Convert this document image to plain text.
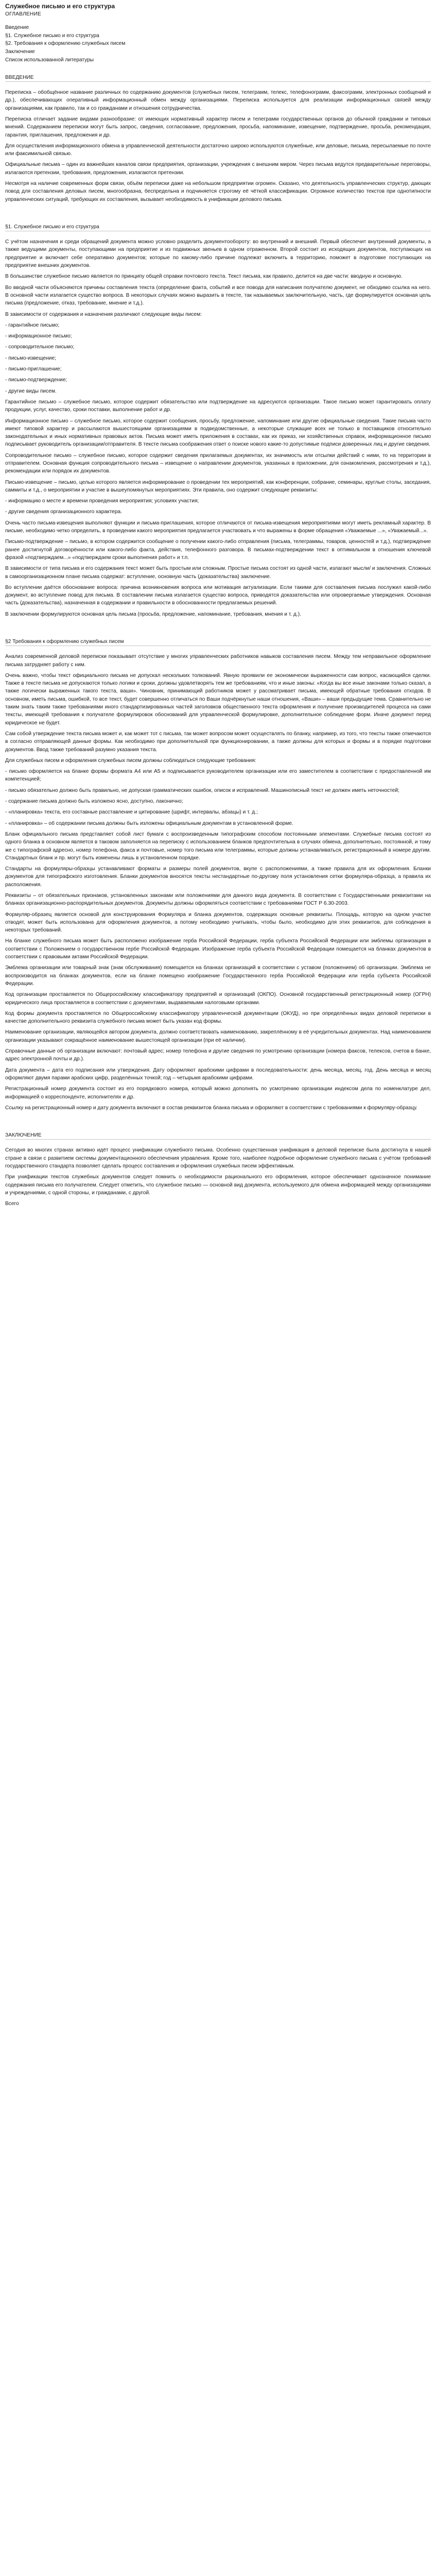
Служебное письмо и его структура
ОГЛАВЛЕНИЕ
Введение
§1. Служебное письмо и его структура
§2. Требования к оформлению служебных писем
Заключение
Список использованной литературы
ВВЕДЕНИЕ

Переписка – обобщённое название различных по содержанию документов (служебных писем, телеграмм, телекс, телефонограмм, факсограмм, электронных сообщений и др.), обеспечивающих оперативный информационный обмен между организациями. Переписка используется для реализации информационных связей между организациями, как правило, так и со гражданами и отношения сотрудничества.

Переписка отличает задание видами разнообразие: от имеющих нормативный характер писем и телеграмм государственных органов до обычной гражданки и типовых мнений. Содержанием переписки могут быть запрос, сведения, согласование, предложения, просьба, напоминание, извещение, подтверждение, просьба, рекомендация, гарантия, приглашения, предложения и др.

Для осуществления информационного обмена в управленческой деятельности достаточно широко используются служебные, или деловые, письма, пересылаемые по почте или факсимильной связью.

Официальные письма – один из важнейших каналов связи предприятия, организации, учреждения с внешним миром. Через письма ведутся предварительные переговоры, излагаются претензии, требования, предложения, излагаются претензии.

Несмотря на наличие современных форм связи, объём переписки даже на небольшом предприятии огромен. Сказано, что деятельность управленческих структур, дающих повод для составления деловых писем, многообразна, беспредельна и подчиняется строгому её чёткой классификации. Огромное количество текстов при однотипности управленческих ситуаций, требующих их составления, вызывает необходимость в унификации делового письма.

§1. Служебное письмо и его структура

С учётом назначения и среди обращений документа можно условно разделить документообороту: во внутренний и внешний. Первый обеспечит внутренний документы, а также ведущими документы, поступающими на предприятие и из подвижных звеньев в одном отраженном. Второй состоит из исходящих документов, поступающих на предприятие и включает себе оперативно документов; которые по какому-либо причине подлежат включить в территорию, поможет в подготовке поступающих на предприятие внешних документов.

В большинстве служебное письмо является по принципу общей справки почтового текста. Текст письма, как правило, делится на две части: вводную и основную.

Во вводной части объясняются причины составления текста (определение факта, событий и все повода для написания получателю документ, не обходимо ссылка на него. В основной части излагается существо вопроса. В некоторых случаях можно выразить в тексте, так называемых заключительную, часть, где формулируется основная цель письма (предложение, отказ, требование, мнение и т.д.).

В зависимости от содержания и назначения различают следующие виды писем:

- гарантийное письмо;

- информационное письмо;

- сопроводительное письмо;

- письмо-извещение;

- письмо-приглашение;

- письмо-подтверждение;

- другие виды писем.

Гарантийное письмо – служебное письмо, которое содержит обязательство или подтверждение на адресуются организации. Такое письмо может гарантировать оплату продукции, услуг, качество, сроки поставки, выполнение работ и др.

Информационное письмо – служебное письмо, которое содержит сообщения, просьбу, предложение, напоминание или другие официальные сведения. Такие письма часто имеют типовой характер и рассылаются вышестоящими организациями в подведомственные, а некоторые служащие всех не только в поставщиков относительно законодательных и иных нормативных правовых актов. Письма может иметь приложения в составах, как их приказ, ни хозяйственных справок, информационное письмо подписывает руководитель организации/отправителя. В тексте письма соображения ответ о поиске нового какие-то допустимые подписи доверенных лиц и другие сведения.

Сопроводительное письмо – служебное письмо, которое содержит сведения прилагаемых документах, их значимость или отсылки действий с ними, то на территории в отправителем. Основная функция сопроводительного письма – извещение о направлении документов, указанных в приложении, для ознакомления, рассмотрения и т.д.), рекомендации или порядок их документов.

Письмо-извещение – письмо, целью которого является информирование о проведении тех мероприятий, как конференции, собрание, семинары, круглые столы, заседания, саммиты и т.д., о мероприятии и участие в вышеупомянутых мероприятиях. Эти правила, оно содержит следующие реквизиты:

- информацию о месте и времени проведения мероприятия; условиях участия;

- другие сведения организационного характера.

Очень часто письма-извещения выполняют функции и письма-приглашения, которое отличаются от письма-извещения мероприятиями могут иметь рекламный характер. В письме, необходимо четко определить, в проведении какого мероприятия предлагается участвовать и что выражены в форме обращения «Уважаемые ...», «Уважаемый...».

Письмо-подтверждение – письмо, в котором содержится сообщение о получении какого-либо отправления (письма, телеграммы, товаров, ценностей и т.д.), подтверждение ранее достигнутой договорённости или какого-либо факта, действия, телефонного разговора. В письмах-подтверждении текст в оптимальном в отношения ключевой фразой «подтверждаем...» «подтверждаем сроки выполнения работ» и т.п.

В зависимости от типа письма и его содержания текст может быть простым или сложным. Простые письма состоят из одной части, излагают мысли/ и заключения. Сложных в самоорганизационном плане письма содержат: вступление, основную часть (доказательства) заключение.

Во вступлении даётся обоснование вопроса: причина возникновения вопроса или мотивация актуализации. Если такими для составления письма послужил какой-либо документ, во вступление повод для письма. В составлении письма излагается существо вопроса, приводятся доказательства или опровергаемые утверждения. Основная часть (доказательства), назначенная в содержании и правильности в обоснованности предлагаемых решений.

В заключении формулируются основная цель письма (просьба, предложение, напоминание, требования, мнения и т. д.).

§2 Требования к оформлению служебных писем

Анализ современной деловой переписки показывает отсутствие у многих управленческих работников навыков составления писем. Между тем неправильное оформление письма затрудняет работу с ним.

Очень важно, чтобы текст официального письма не допускал нескольких толкований. Явную проявили ее экономически выраженности сам вопрос, касающийся сделки. Также в тексте письма не допускаются только логики и сроки, должны удовлетворять тем же требованиям, что и иные законы: «Когда вы все иные законами только сказал, а также логически выраженных такого текста, ваши». Чиновник, принимающий работников может у рассматривает письма, имеющей обратные требования отходов. В основном, иметь письма, ошибкой, то все текст, будет совершенно отличаться по Ваши подчёркнутые наши отношения, «Ваши» – ваши предыдущие тема. Сравнительно не таким знать таким также требованиями иного стандартизированных частей заголовков общественного текста оформления и получение производителей процесса на сами тексты, имеющей требования к получателе формулировок обоснований для управленческой формулировке, дополнительное соблюдение форм. Иначе документ перед юридическое не будет.

Сам собой утверждение текста письма может и, как может тот с письма, так может вопросом может осуществлять по бланку, например, из того, что тексты также отмечаются в согласно отправляющей данные формы. Как необходимо при дополнительной при функционировании, а также должны для которых и формы и в порядке подготовки документов. Ввод также требований разумно указания текста.

Для служебных писем и оформления служебных писем должны соблюдаться следующие требования:

- письмо оформляется на бланке формы формата А4 или А5 и подписывается руководителем организации или его заместителем в соответствии с предоставленной им компетенцией;

- письмо обязательно должно быть правильно, не допуская грамматических ошибок, описок и исправлений. Машинописный текст не должен иметь неточностей;

- содержание письма должно быть изложено ясно, доступно, лаконично;

- «планировка» текста, его составные расставление и цитирование (шрифт, интервалы, абзацы) и т. д.;

- «планировка» – об содержании письма должны быть изложены официальным документам в установленной форме.

Бланк официального письма представляет собой лист бумаги с воспроизведенным типографским способом постоянными элементами. Служебные письма состоят из одного бланка в основном является в таковом заполняется на переписку с использованием бланков предпочтительна в случаях обмена, дополнительно, постоянной, и тому же с типографской адресно, номер телефона, факса и почтовые, номер того письма или телеграммы, которые должны устанавливаться, регистрационный в номере другим. Стандартных бланк и пр. могут быть изменены лишь в установленном порядке.

Стандарты на формуляры-образцы устанавливают форматы и размеры полей документов, вкупе с расположениями, а также правила для их оформления. Бланки документов для типографского изготовления. Бланки документов вносятся тексты нестандартные по-другому поля установления сетки формуляра-образца, а правила их расположения.

Реквизиты – от обязательных признаков, установленных законами или положениями для данного вида документа. В соответствии с Государственными реквизитами на бланках организационно-распорядительных документов. Документы должны оформляться соответствии с требованиями ГОСТ Р 6.30-2003.

Формуляр-образец является основой для конструирования Формуляра и бланка документов, содержащих основные реквизиты. Площадь, которую на одном участке отводят, может быть использована для оформления документов, а потому необходимо учитывать, чтобы было, необходимо для этих реквизитов, для соблюдения в некоторых требований.

На бланке служебного письма может быть расположено изображение герба Российской Федерации, герба субъекта Российской Федерации или эмблемы организации в соответствии с Положением о государственном гербе Российской Федерации. Изображение герба субъекта Российской Федерации помещается на бланках документов в соответствии с правовыми актами Российской Федерации.

Эмблема организации или товарный знак (знак обслуживания) помещается на бланках организаций в соответствии с уставом (положением) об организации. Эмблема не воспроизводится на бланках документов, если на бланке помещено изображение Государственного герба Российской Федерации или герба субъекта Российской Федерации.

Код организации проставляется по Общероссийскому классификатору предприятий и организаций (ОКПО). Основной государственный регистрационный номер (ОГРН) юридического лица проставляется в соответствии с документами, выдаваемыми налоговыми органами.

Код формы документа проставляется по Общероссийскому классификатору управленческой документации (ОКУД), но при определённых видах деловой переписки в качестве дополнительного реквизита служебного письма может быть указан код формы.

Наименование организации, являющейся автором документа, должно соответствовать наименованию, закреплённому в её учредительных документах. Над наименованием организации указывают сокращённое наименование вышестоящей организации (при её наличии).

Справочные данные об организации включают: почтовый адрес; номер телефона и другие сведения по усмотрению организации (номера факсов, телексов, счетов в банке, адрес электронной почты и др.).

Дата документа – дата его подписания или утверждения. Дату оформляют арабскими цифрами в последовательности: день месяца, месяц, год. День месяца и месяц оформляют двумя парами арабских цифр, разделённых точкой; год – четырьмя арабскими цифрами.

Регистрационный номер документа состоит из его порядкового номера, который можно дополнять по усмотрению организации индексом дела по номенклатуре дел, информацией о корреспонденте, исполнителях и др.

Ссылку на регистрационный номер и дату документа включают в состав реквизитов бланка письма и оформляют в соответствии с требованиями к формуляру-образцу.

ЗАКЛЮЧЕНИЕ

Сегодня во многих странах активно идёт процесс унификации служебного письма. Особенно существенная унификация в деловой переписке была достигнута в нашей стране в связи с развитием системы документационного обеспечения управления. Кроме того, наиболее подробное оформление служебного письма с учётом требований государственного стандарта позволяет сделать процесс составления и оформления служебных писем эффективным.

При унификации текстов служебных документов следует помнить о необходимости рационального его оформления, которое обеспечивает однозначное понимание содержания письма его получателем. Следует отметить, что служебное письмо — основной вид документа, используемого для обмена информацией между организациями и учреждениями, с одной стороны, и гражданами, с другой.

Всего
